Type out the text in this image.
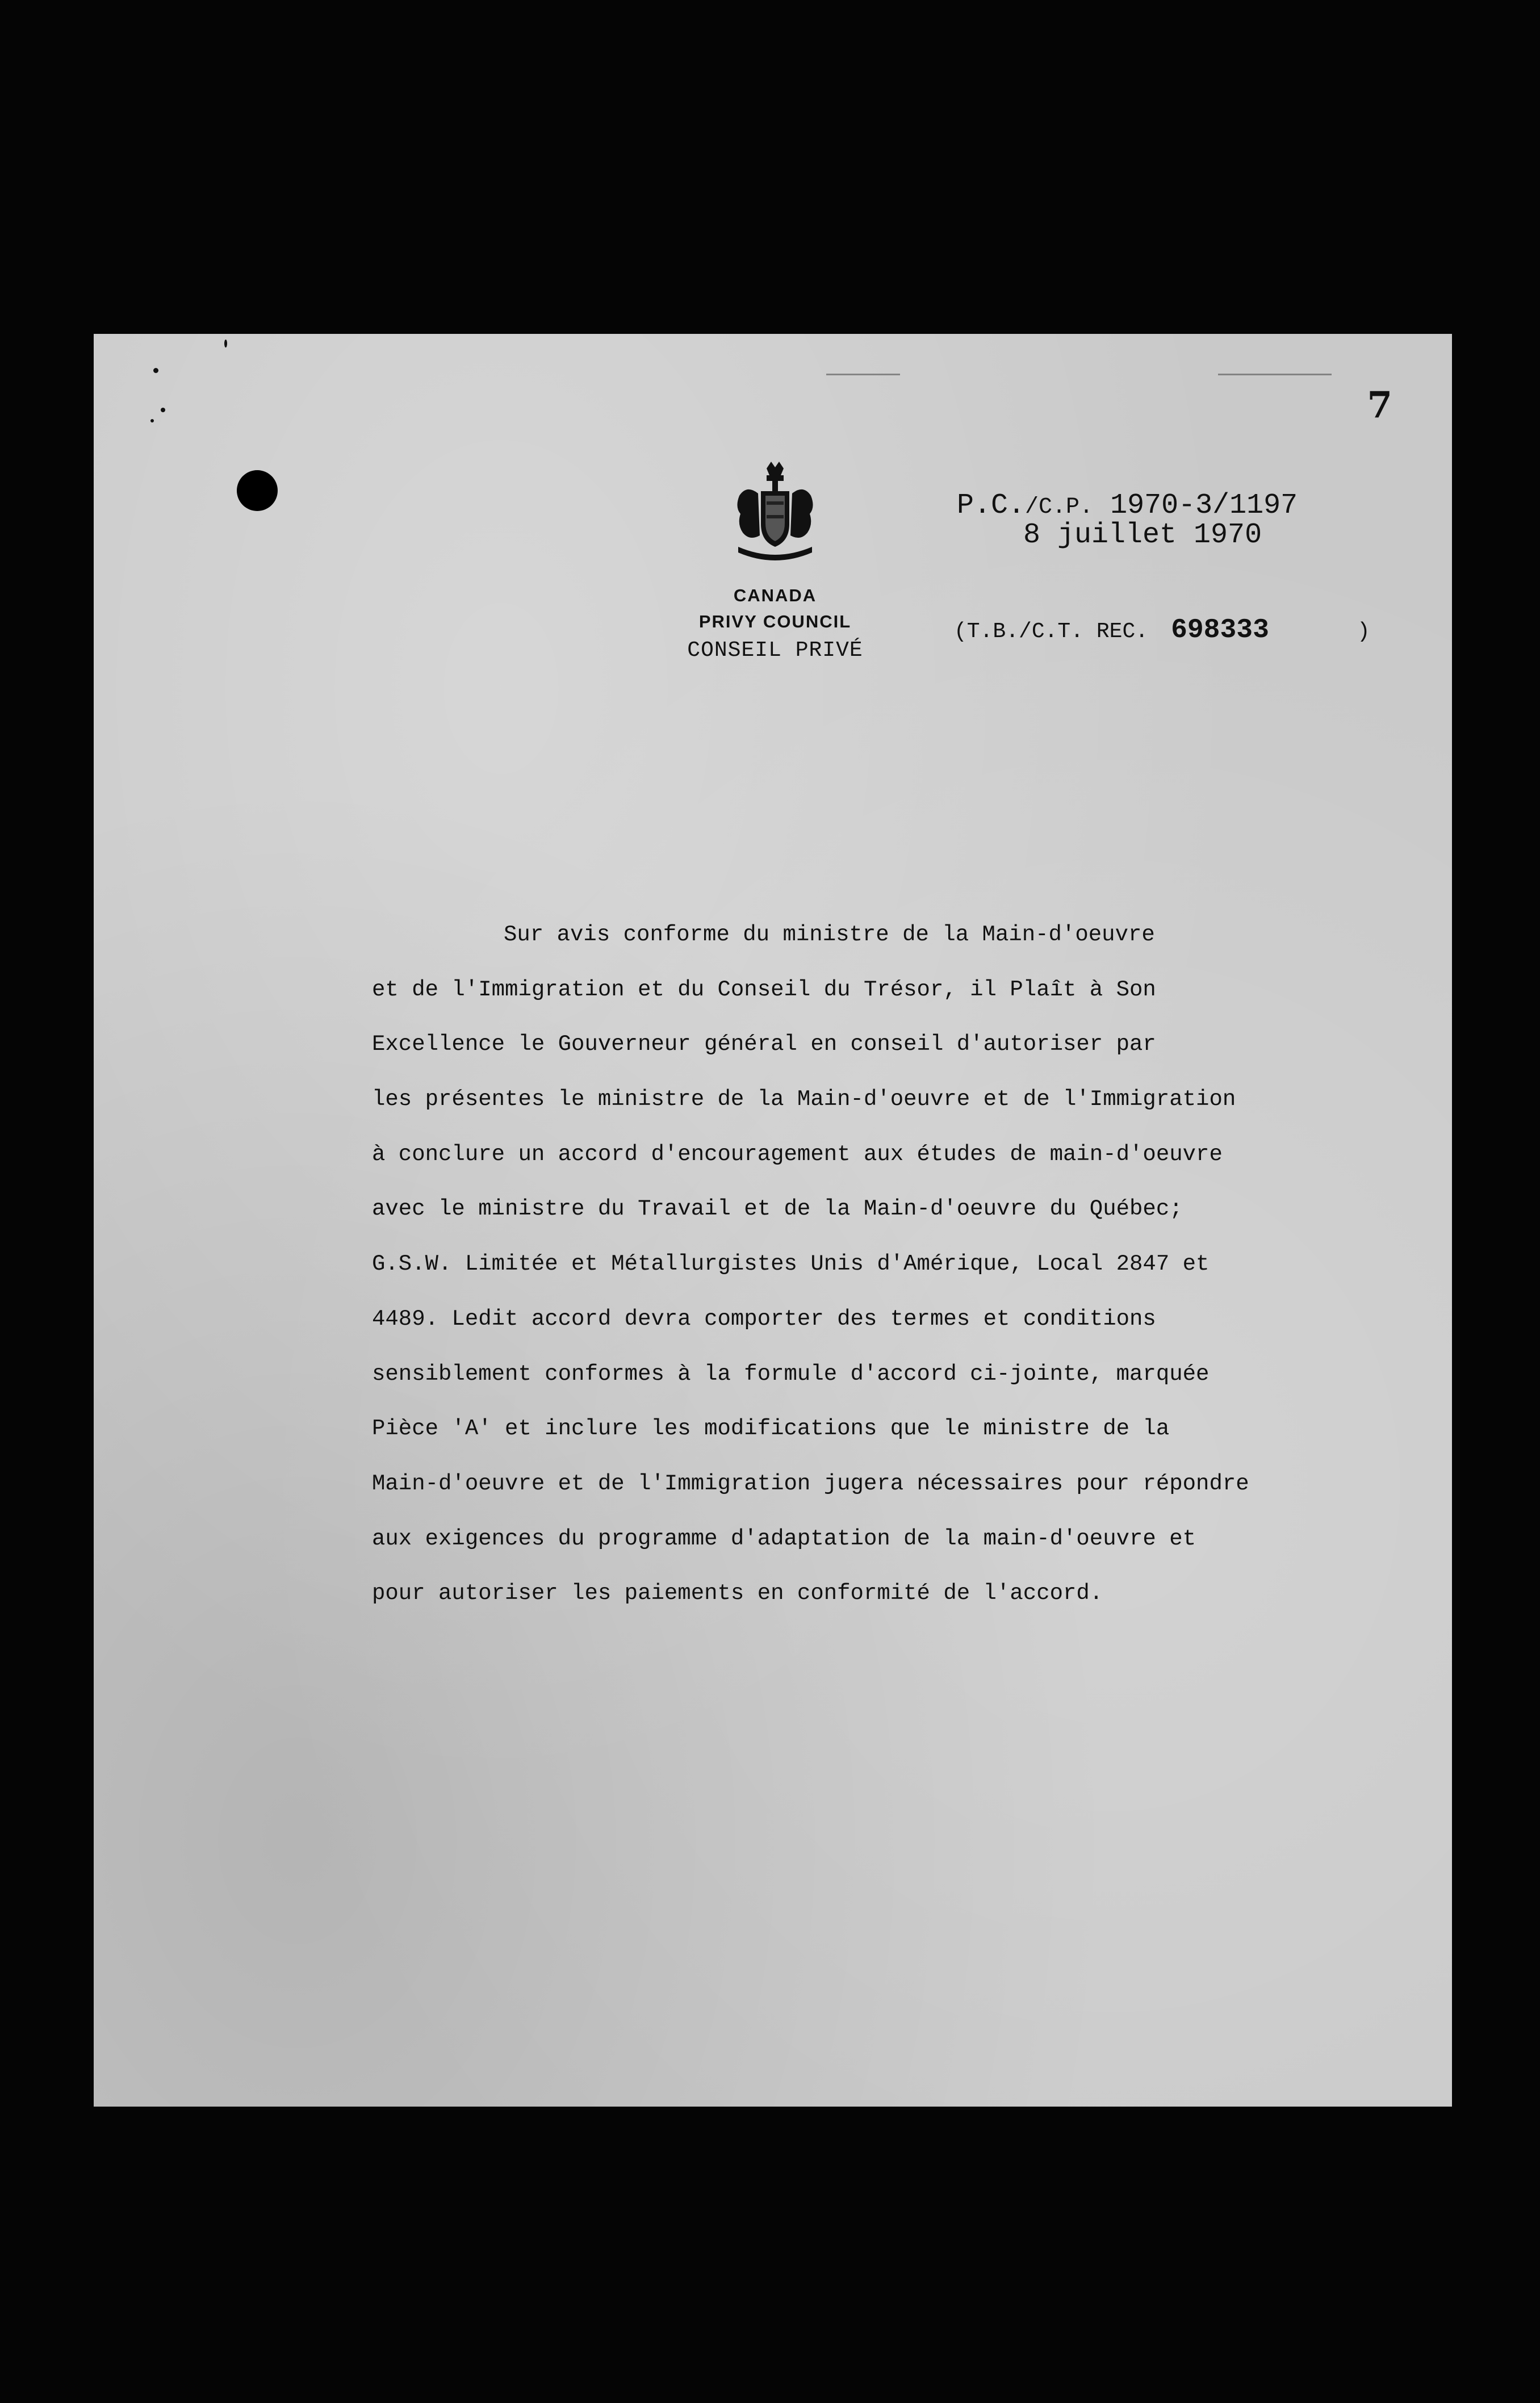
7
CANADA
PRIVY COUNCIL
CONSEIL PRIVÉ
P.C./C.P. 1970-3/1197
8 juillet 1970
(T.B./C.T. REC. 698333	)
Sur avis conforme du ministre de la Main-d'oeuvre
et de l'Immigration et du Conseil du Trésor, il Plaît à Son
Excellence le Gouverneur général en conseil d'autoriser par
les présentes le ministre de la Main-d'oeuvre et de l'Immigration
à conclure un accord d'encouragement aux études de main-d'oeuvre
avec le ministre du Travail et de la Main-d'oeuvre du Québec;
G.S.W. Limitée et Métallurgistes Unis d'Amérique, Local 2847 et
4489. Ledit accord devra comporter des termes et conditions
sensiblement conformes à la formule d'accord ci-jointe, marquée
Pièce 'A' et inclure les modifications que le ministre de la
Main-d'oeuvre et de l'Immigration jugera nécessaires pour répondre
aux exigences du programme d'adaptation de la main-d'oeuvre et
pour autoriser les paiements en conformité de l'accord.
